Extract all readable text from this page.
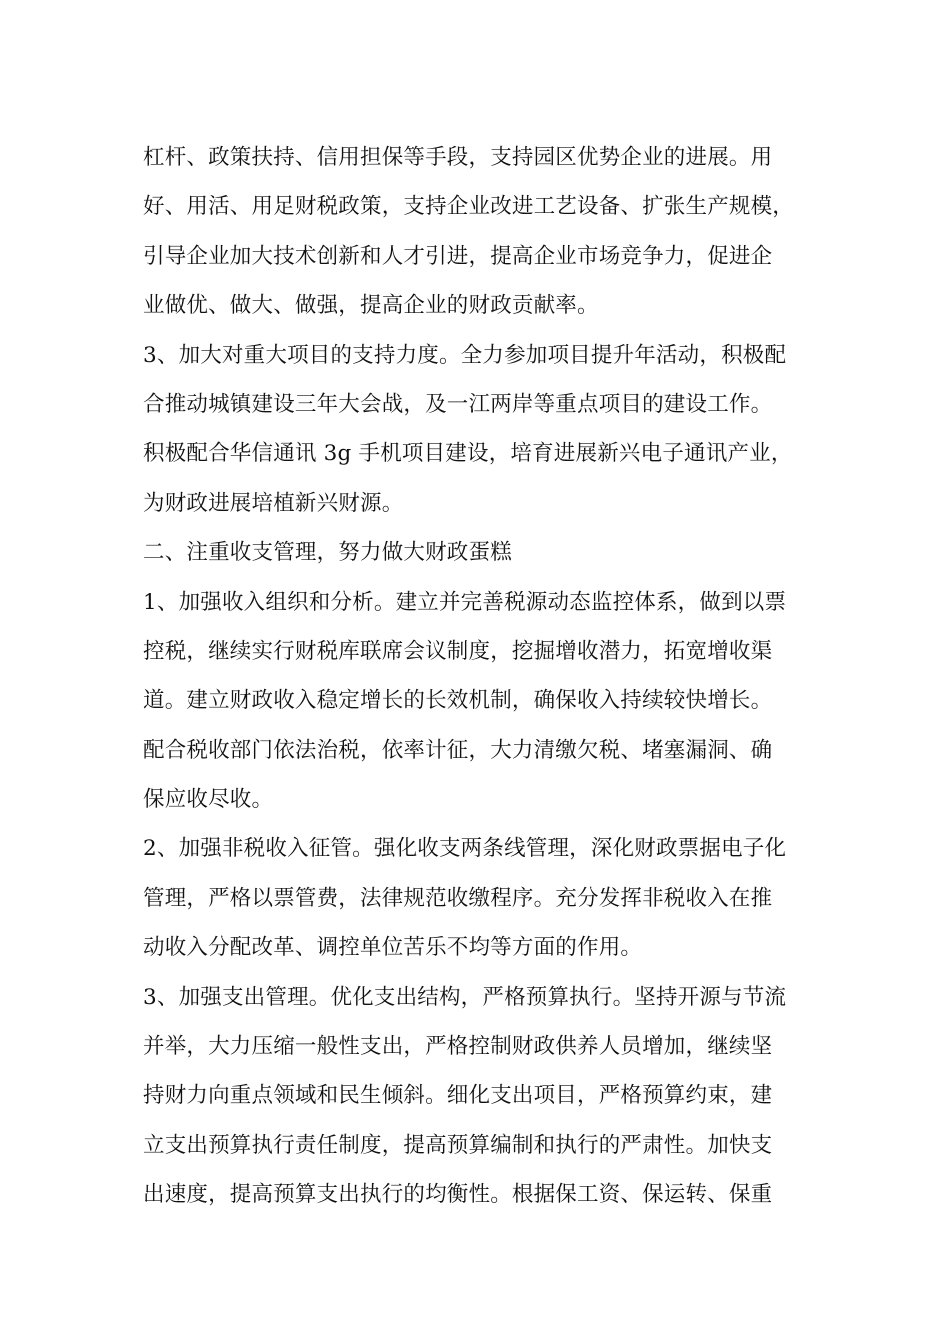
杠杆、政策扶持、信用担保等手段，支持园区优势企业的进展。用
好、用活、用足财税政策，支持企业改进工艺设备、扩张生产规模，
引导企业加大技术创新和人才引进，提高企业市场竞争力，促进企
业做优、做大、做强，提高企业的财政贡献率。
3、加大对重大项目的支持力度。全力参加项目提升年活动，积极配
合推动城镇建设三年大会战，及一江两岸等重点项目的建设工作。
积极配合华信通讯 3g 手机项目建设，培育进展新兴电子通讯产业，
为财政进展培植新兴财源。
二、注重收支管理，努力做大财政蛋糕
1、加强收入组织和分析。建立并完善税源动态监控体系，做到以票
控税，继续实行财税库联席会议制度，挖掘增收潜力，拓宽增收渠
道。建立财政收入稳定增长的长效机制，确保收入持续较快增长。
配合税收部门依法治税，依率计征，大力清缴欠税、堵塞漏洞、确
保应收尽收。
2、加强非税收入征管。强化收支两条线管理，深化财政票据电子化
管理，严格以票管费，法律规范收缴程序。充分发挥非税收入在推
动收入分配改革、调控单位苦乐不均等方面的作用。
3、加强支出管理。优化支出结构，严格预算执行。坚持开源与节流
并举，大力压缩一般性支出，严格控制财政供养人员增加，继续坚
持财力向重点领域和民生倾斜。细化支出项目，严格预算约束，建
立支出预算执行责任制度，提高预算编制和执行的严肃性。加快支
出速度，提高预算支出执行的均衡性。根据保工资、保运转、保重
